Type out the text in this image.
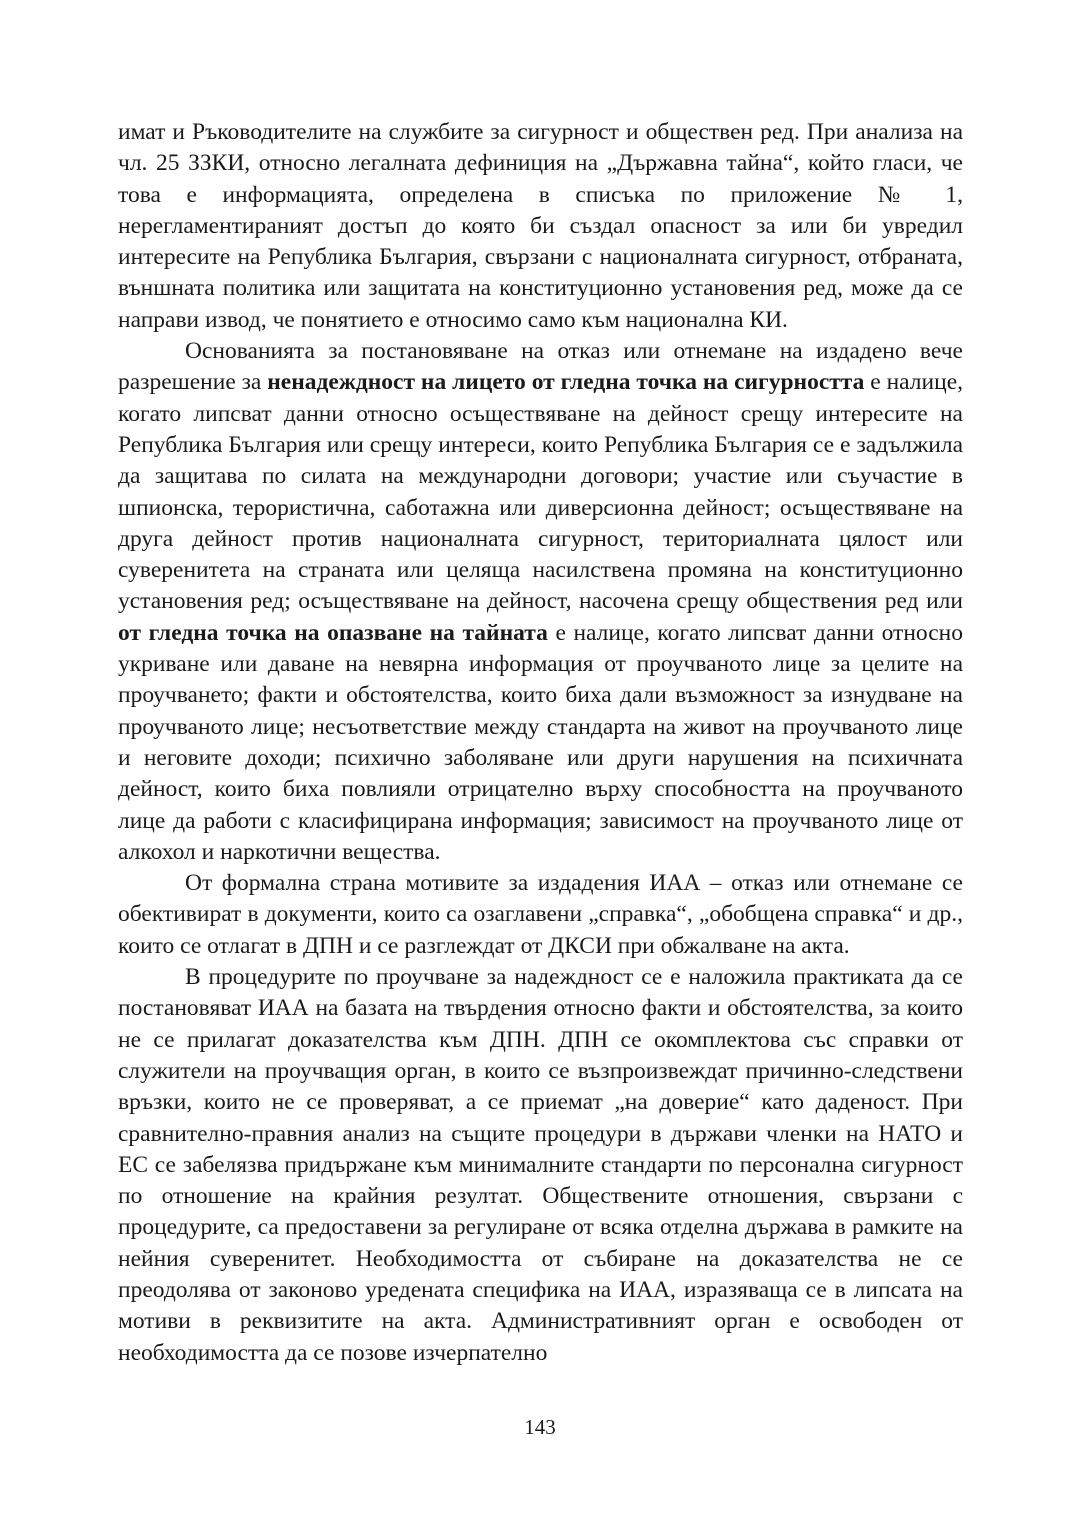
имат и Ръководителите на службите за сигурност и обществен ред. При анализа на чл. 25 ЗЗКИ, относно легалната дефиниция на „Държавна тайна“, който гласи, че това е информацията, определена в списъка по приложение № 1, нерегламентираният достъп до която би създал опасност за или би увредил интересите на Република България, свързани с националната сигурност, отбраната, външната политика или защитата на конституционно установения ред, може да се направи извод, че понятието е относимо само към национална КИ.

Основанията за постановяване на отказ или отнемане на издадено вече разрешение за ненадеждност на лицето от гледна точка на сигурността е налице, когато липсват данни относно осъществяване на дейност срещу интересите на Република България или срещу интереси, които Република България се е задължила да защитава по силата на международни договори; участие или съучастие в шпионска, терористична, саботажна или диверсионна дейност; осъществяване на друга дейност против националната сигурност, териториалната цялост или суверенитета на страната или целяща насилствена промяна на конституционно установения ред; осъществяване на дейност, насочена срещу обществения ред или от гледна точка на опазване на тайната е налице, когато липсват данни относно укриване или даване на невярна информация от проучваното лице за целите на проучването; факти и обстоятелства, които биха дали възможност за изнудване на проучваното лице; несъответствие между стандарта на живот на проучваното лице и неговите доходи; психично заболяване или други нарушения на психичната дейност, които биха повлияли отрицателно върху способността на проучваното лице да работи с класифицирана информация; зависимост на проучваното лице от алкохол и наркотични вещества.

От формална страна мотивите за издадения ИАА – отказ или отнемане се обективират в документи, които са озаглавени „справка“, „обобщена справка“ и др., които се отлагат в ДПН и се разглеждат от ДКСИ при обжалване на акта.

В процедурите по проучване за надеждност се е наложила практиката да се постановяват ИАА на базата на твърдения относно факти и обстоятелства, за които не се прилагат доказателства към ДПН. ДПН се окомплектова със справки от служители на проучващия орган, в които се възпроизвеждат причинно-следствени връзки, които не се проверяват, а се приемат „на доверие“ като даденост. При сравнително-правния анализ на същите процедури в държави членки на НАТО и ЕС се забелязва придържане към минималните стандарти по персонална сигурност по отношение на крайния резултат. Обществените отношения, свързани с процедурите, са предоставени за регулиране от всяка отделна държава в рамките на нейния суверенитет. Необходимостта от събиране на доказателства не се преодолява от законово уредената специфика на ИАА, изразяваща се в липсата на мотиви в реквизитите на акта. Административният орган е освободен от необходимостта да се позове изчерпателно

143
